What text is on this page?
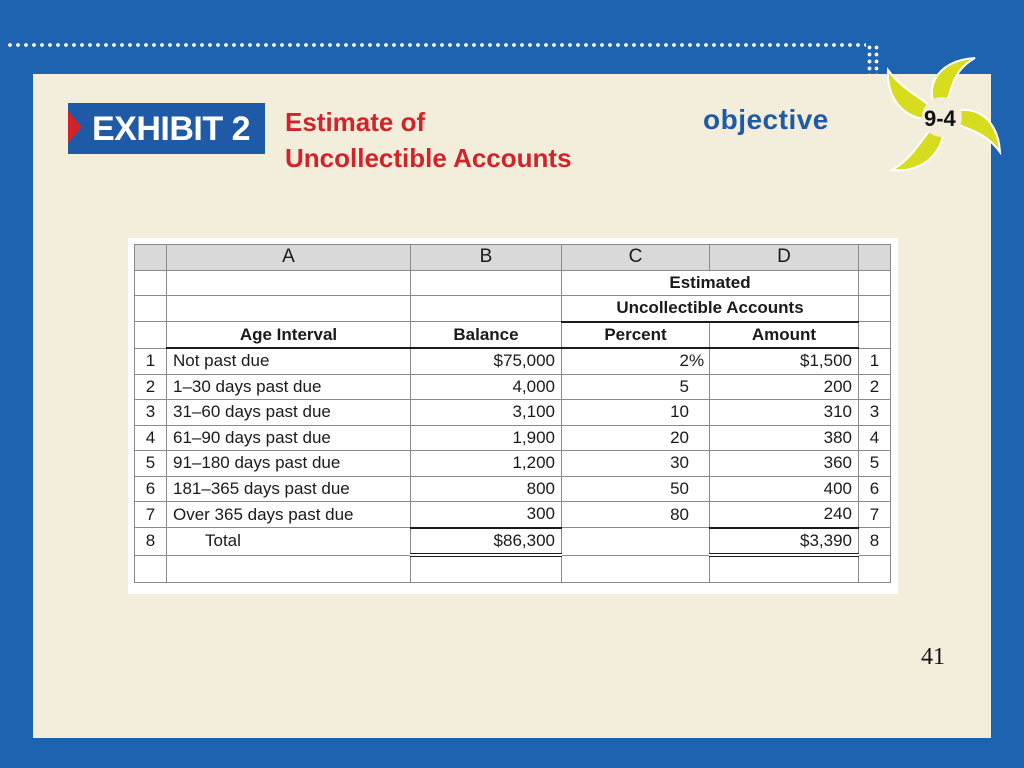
EXHIBIT 2 Estimate of
Uncollectible Accounts
objective	9-4
	A	B	C	D	
			Estimated		
			Uncollectible Accounts		
	Age Interval	Balance	Percent	Amount	
1	Not past due	$75,000	2%	$1,500	1
2	1–30 days past due	4,000	5	200	2
3	31–60 days past due	3,100	10	310	3
4	61–90 days past due	1,900	20	380	4
5	91–180 days past due	1,200	30	360	5
6	181–365 days past due	800	50	400	6
7	Over 365 days past due	300	80	240	7
8	Total	$86,300		$3,390	8

41
